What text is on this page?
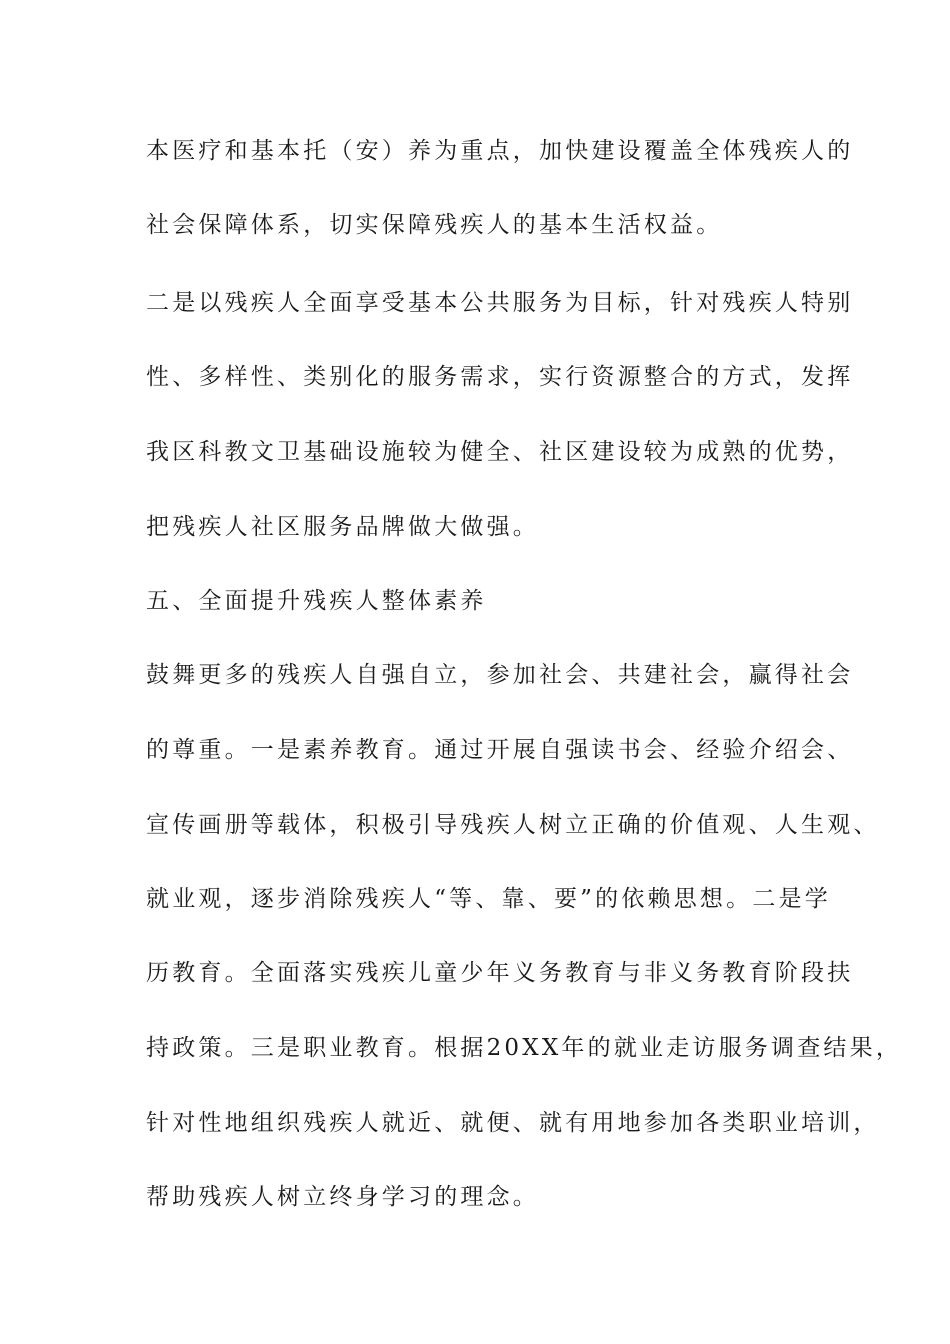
本医疗和基本托（安）养为重点，加快建设覆盖全体残疾人的
社会保障体系，切实保障残疾人的基本生活权益。
二是以残疾人全面享受基本公共服务为目标，针对残疾人特别
性、多样性、类别化的服务需求，实行资源整合的方式，发挥
我区科教文卫基础设施较为健全、社区建设较为成熟的优势，
把残疾人社区服务品牌做大做强。
五、全面提升残疾人整体素养
鼓舞更多的残疾人自强自立，参加社会、共建社会，赢得社会
的尊重。一是素养教育。通过开展自强读书会、经验介绍会、
宣传画册等载体，积极引导残疾人树立正确的价值观、人生观、
就业观，逐步消除残疾人“等、靠、要”的依赖思想。二是学
历教育。全面落实残疾儿童少年义务教育与非义务教育阶段扶
持政策。三是职业教育。根据20XX年的就业走访服务调查结果，
针对性地组织残疾人就近、就便、就有用地参加各类职业培训，
帮助残疾人树立终身学习的理念。
